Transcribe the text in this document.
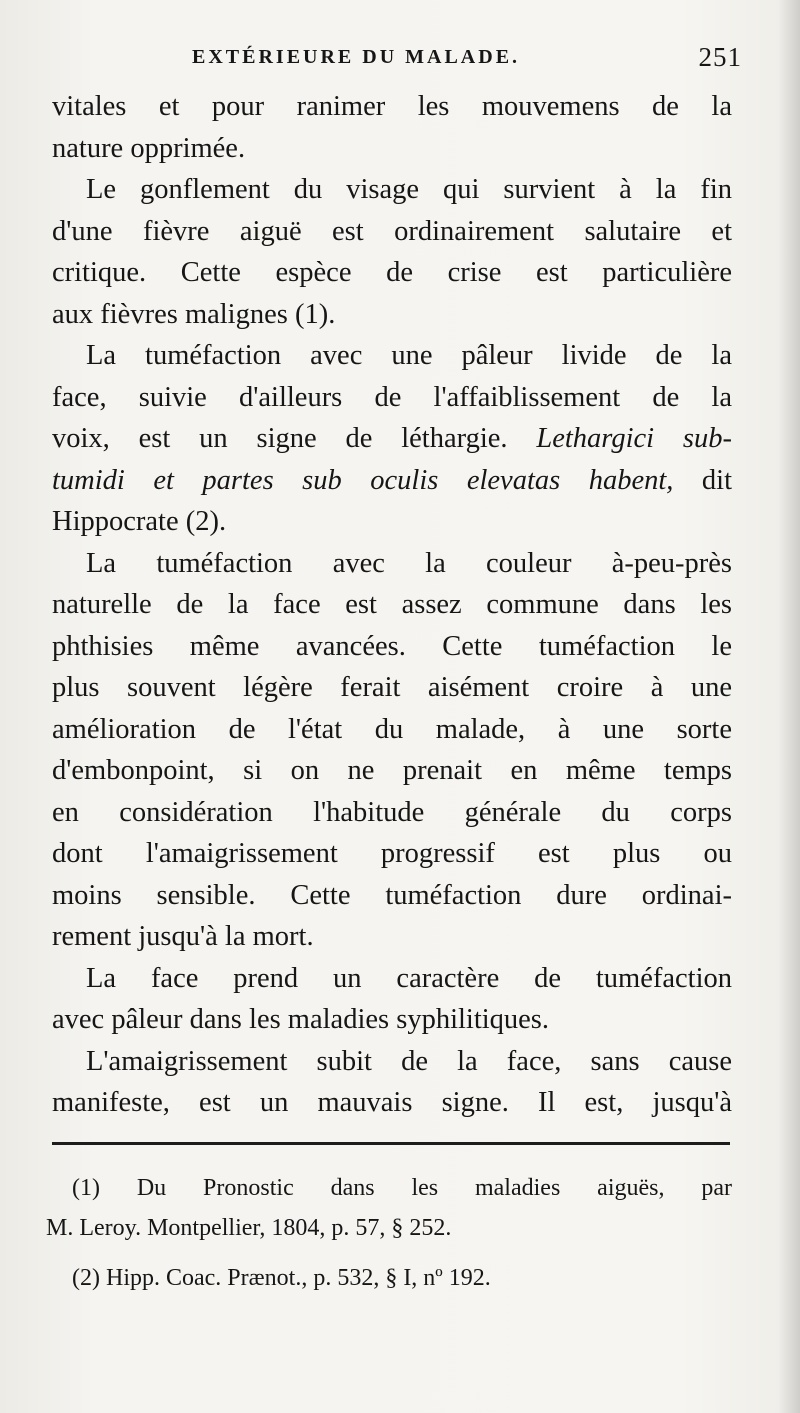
EXTÉRIEURE DU MALADE.	251
vitales et pour ranimer les mouvemens de la
nature opprimée.
Le gonflement du visage qui survient à la fin
d'une fièvre aiguë est ordinairement salutaire et
critique. Cette espèce de crise est particulière
aux fièvres malignes (1).
La tuméfaction avec une pâleur livide de la
face, suivie d'ailleurs de l'affaiblissement de la
voix, est un signe de léthargie. Lethargici sub-
tumidi et partes sub oculis elevatas habent, dit
Hippocrate (2).
La tuméfaction avec la couleur à-peu-près
naturelle de la face est assez commune dans les
phthisies même avancées. Cette tuméfaction le
plus souvent légère ferait aisément croire à une
amélioration de l'état du malade, à une sorte
d'embonpoint, si on ne prenait en même temps
en considération l'habitude générale du corps
dont l'amaigrissement progressif est plus ou
moins sensible. Cette tuméfaction dure ordinai-
rement jusqu'à la mort.
La face prend un caractère de tuméfaction
avec pâleur dans les maladies syphilitiques.
L'amaigrissement subit de la face, sans cause
manifeste, est un mauvais signe. Il est, jusqu'à
(1) Du Pronostic dans les maladies aiguës, par
M. Leroy. Montpellier, 1804, p. 57, § 252.
(2) Hipp. Coac. Prænot., p. 532, § I, nº 192.
